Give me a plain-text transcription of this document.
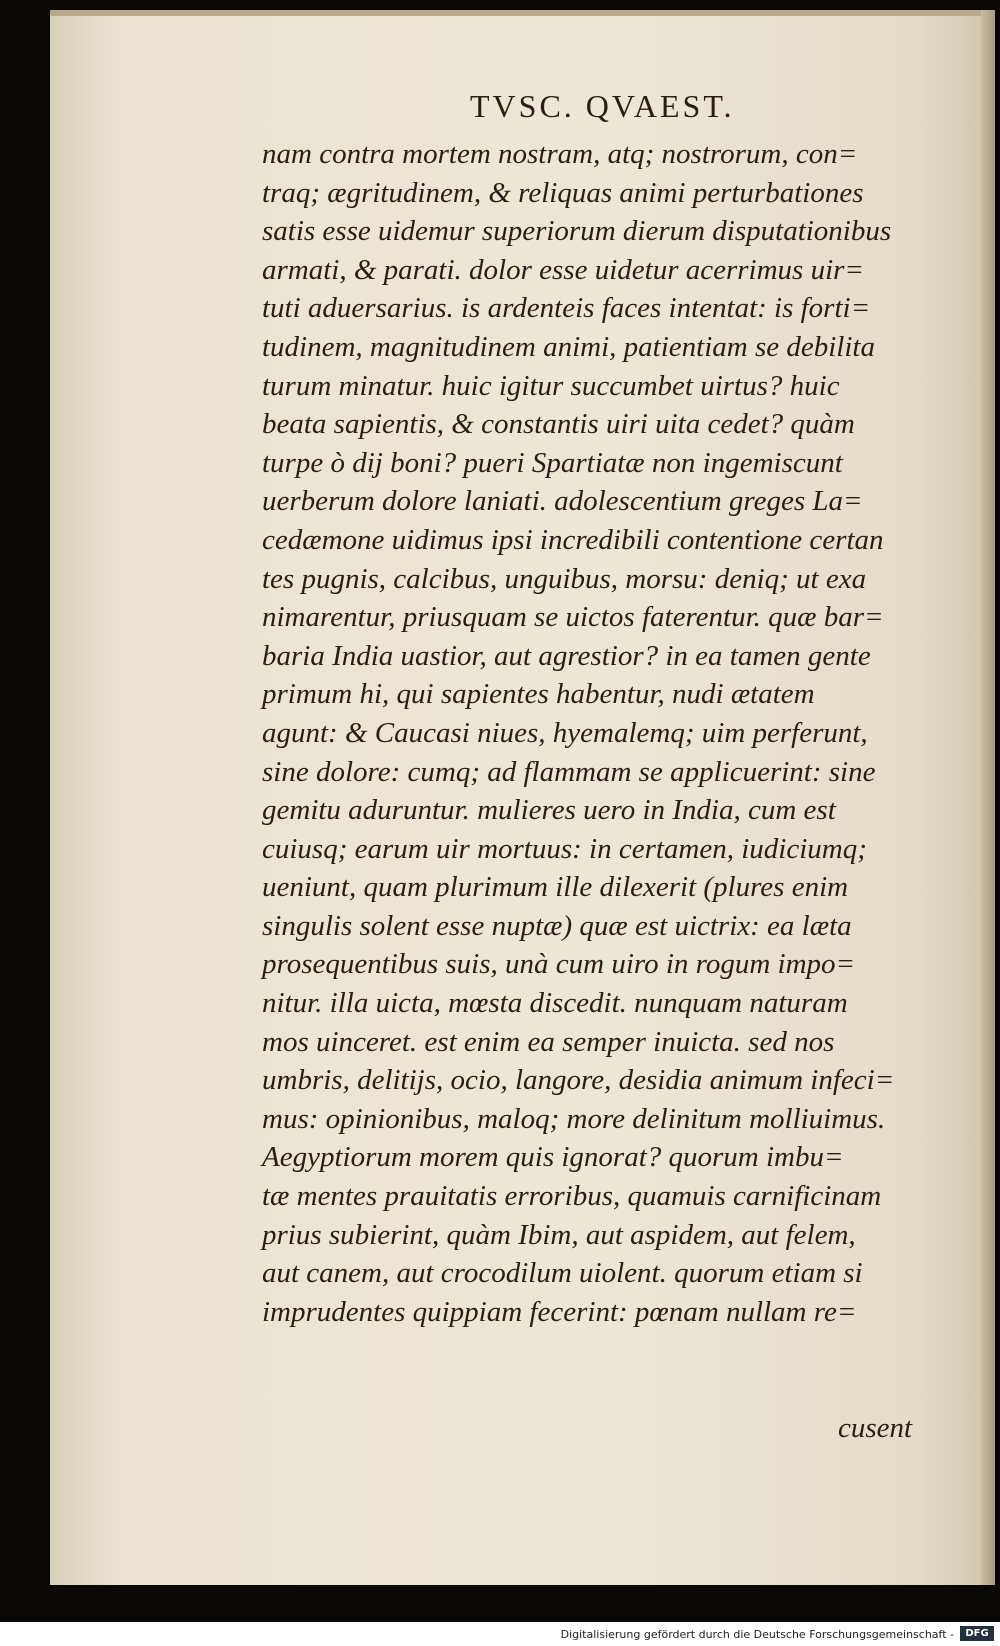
TVSC. QVAEST.
nam contra mortem nostram, atq; nostrorum, con=
traq; ægritudinem, & reliquas animi perturbationes
satis esse uidemur superiorum dierum disputationibus
armati, & parati. dolor esse uidetur acerrimus uir=
tuti aduersarius. is ardenteis faces intentat: is forti=
tudinem, magnitudinem animi, patientiam se debilita
turum minatur. huic igitur succumbet uirtus? huic
beata sapientis, & constantis uiri uita cedet? quàm
turpe ò dij boni? pueri Spartiatæ non ingemiscunt
uerberum dolore laniati. adolescentium greges La=
cedæmone uidimus ipsi incredibili contentione certan
tes pugnis, calcibus, unguibus, morsu: deniq; ut exa
nimarentur, priusquam se uictos faterentur. quæ bar=
baria India uastior, aut agrestior? in ea tamen gente
primum hi, qui sapientes habentur, nudi ætatem
agunt: & Caucasi niues, hyemalemq; uim perferunt,
sine dolore: cumq; ad flammam se applicuerint: sine
gemitu aduruntur. mulieres uero in India, cum est
cuiusq; earum uir mortuus: in certamen, iudiciumq;
ueniunt, quam plurimum ille dilexerit (plures enim
singulis solent esse nuptæ) quæ est uictrix: ea læta
prosequentibus suis, unà cum uiro in rogum impo=
nitur. illa uicta, mœsta discedit. nunquam naturam
mos uinceret. est enim ea semper inuicta. sed nos
umbris, delitijs, ocio, langore, desidia animum infeci=
mus: opinionibus, maloq; more delinitum molliuimus.
Aegyptiorum morem quis ignorat? quorum imbu=
tæ mentes prauitatis erroribus, quamuis carnificinam
prius subierint, quàm Ibim, aut aspidem, aut felem,
aut canem, aut crocodilum uiolent. quorum etiam si
imprudentes quippiam fecerint: pœnam nullam re=
cusent
Digitalisierung gefördert durch die Deutsche Forschungsgemeinschaft -	DFG
